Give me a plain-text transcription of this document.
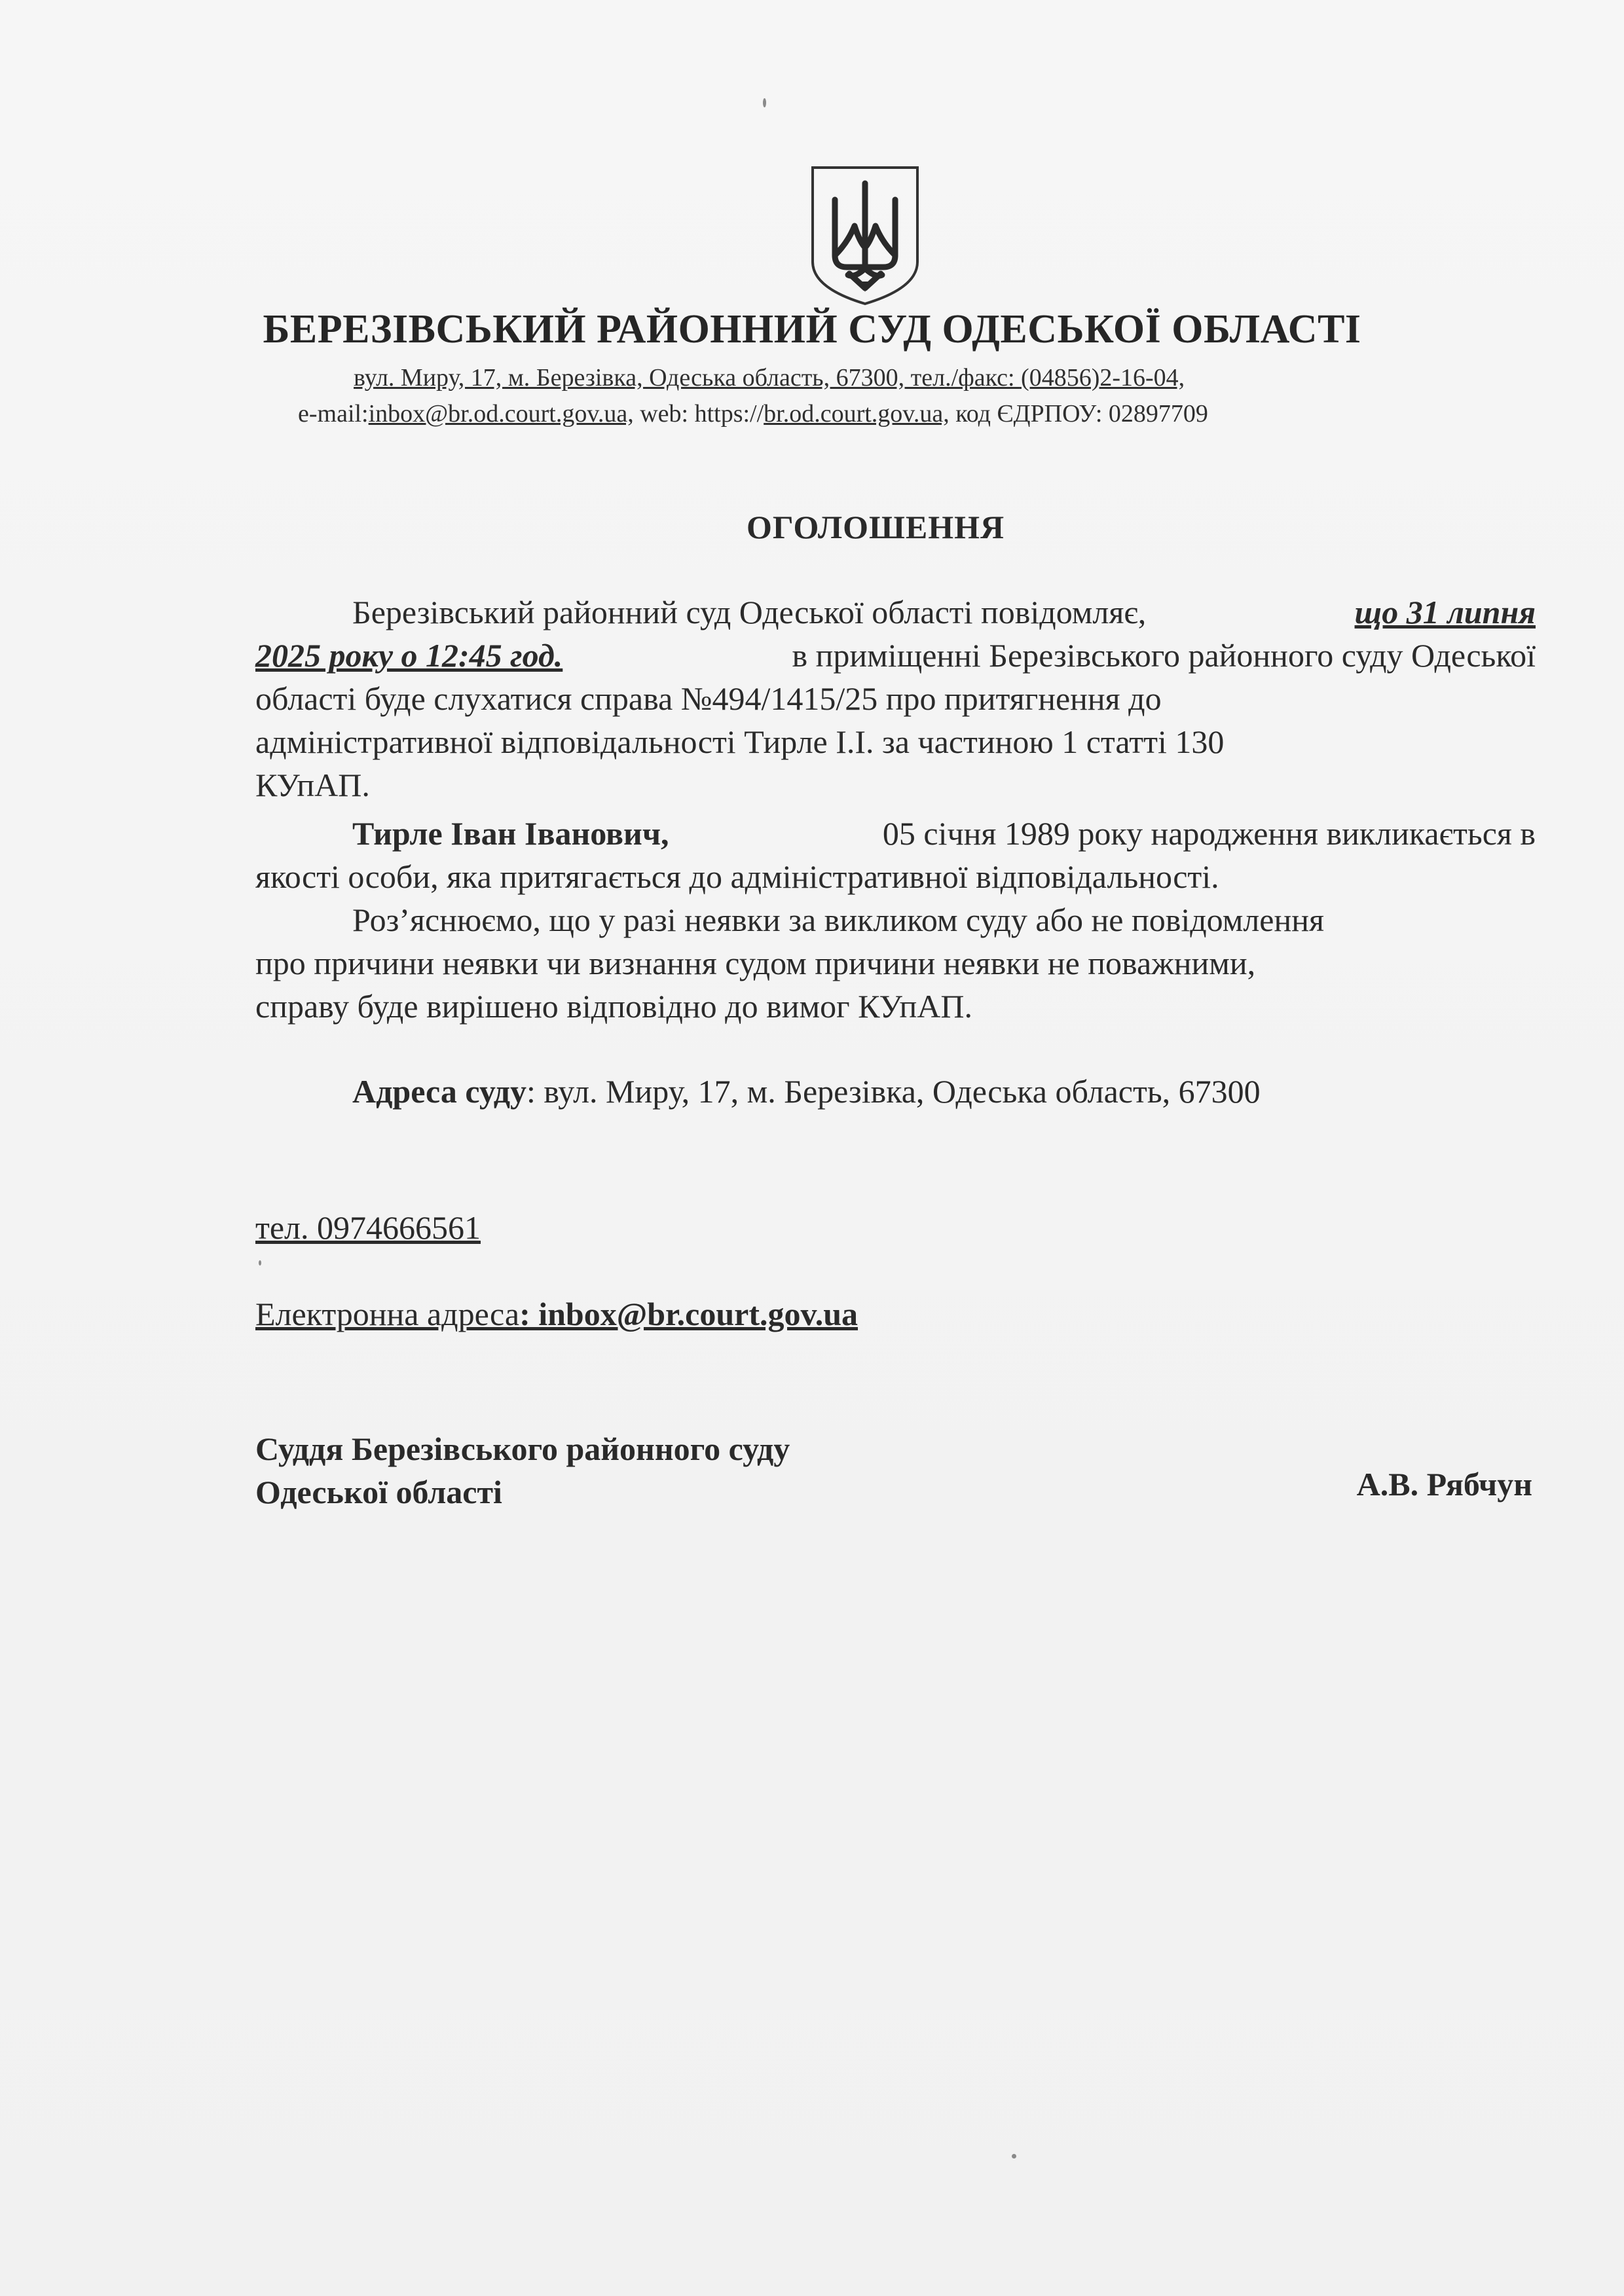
БЕРЕЗІВСЬКИЙ РАЙОННИЙ СУД ОДЕСЬКОЇ ОБЛАСТІ
вул. Миру, 17, м. Березівка, Одеська область, 67300, тел./факс: (04856)2-16-04,
e-mail:inbox@br.od.court.gov.ua, web: https://br.od.court.gov.ua, код ЄДРПОУ: 02897709
ОГОЛОШЕННЯ
Березівський районний суд Одеської області повідомляє,	що 31 липня
2025 року о 12:45 год.	в приміщенні Березівського районного суду Одеської
області буде слухатися справа №494/1415/25 про притягнення до
адміністративної відповідальності Тирле І.І. за частиною 1 статті 130
КУпАП.
Тирле Іван Іванович,	05 січня 1989 року народження викликається в
якості особи, яка притягається до адміністративної відповідальності.
Роз’яснюємо, що у разі неявки за викликом суду або не повідомлення
про причини неявки чи визнання судом причини неявки не поважними,
справу буде вирішено відповідно до вимог КУпАП.
Адреса суду: вул. Миру, 17, м. Березівка, Одеська область, 67300
тел. 0974666561
Електронна адреса: inbox@br.court.gov.ua
Суддя Березівського районного суду
Одеської області	А.В. Рябчун
